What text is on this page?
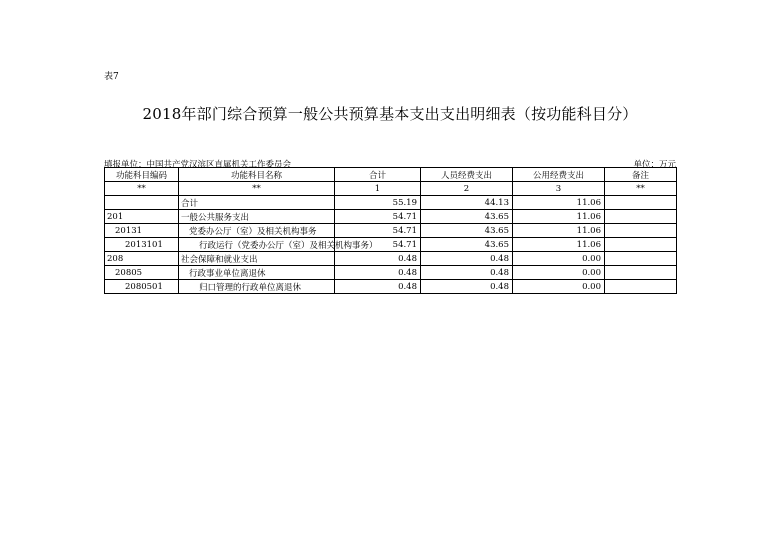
表7
2018年部门综合预算一般公共预算基本支出支出明细表（按功能科目分）
填报单位：中国共产党汉滨区直属机关工作委员会	单位：万元
功能科目编码	功能科目名称	合计	人员经费支出	公用经费支出	备注
**	**	1	2	3	**
	合计	55.19	44.13	11.06	
201	一般公共服务支出	54.71	43.65	11.06	
20131	党委办公厅（室）及相关机构事务	54.71	43.65	11.06	
2013101	行政运行（党委办公厅（室）及相关机构事务）	54.71	43.65	11.06	
208	社会保障和就业支出	0.48	0.48	0.00	
20805	行政事业单位离退休	0.48	0.48	0.00	
2080501	归口管理的行政单位离退休	0.48	0.48	0.00	
